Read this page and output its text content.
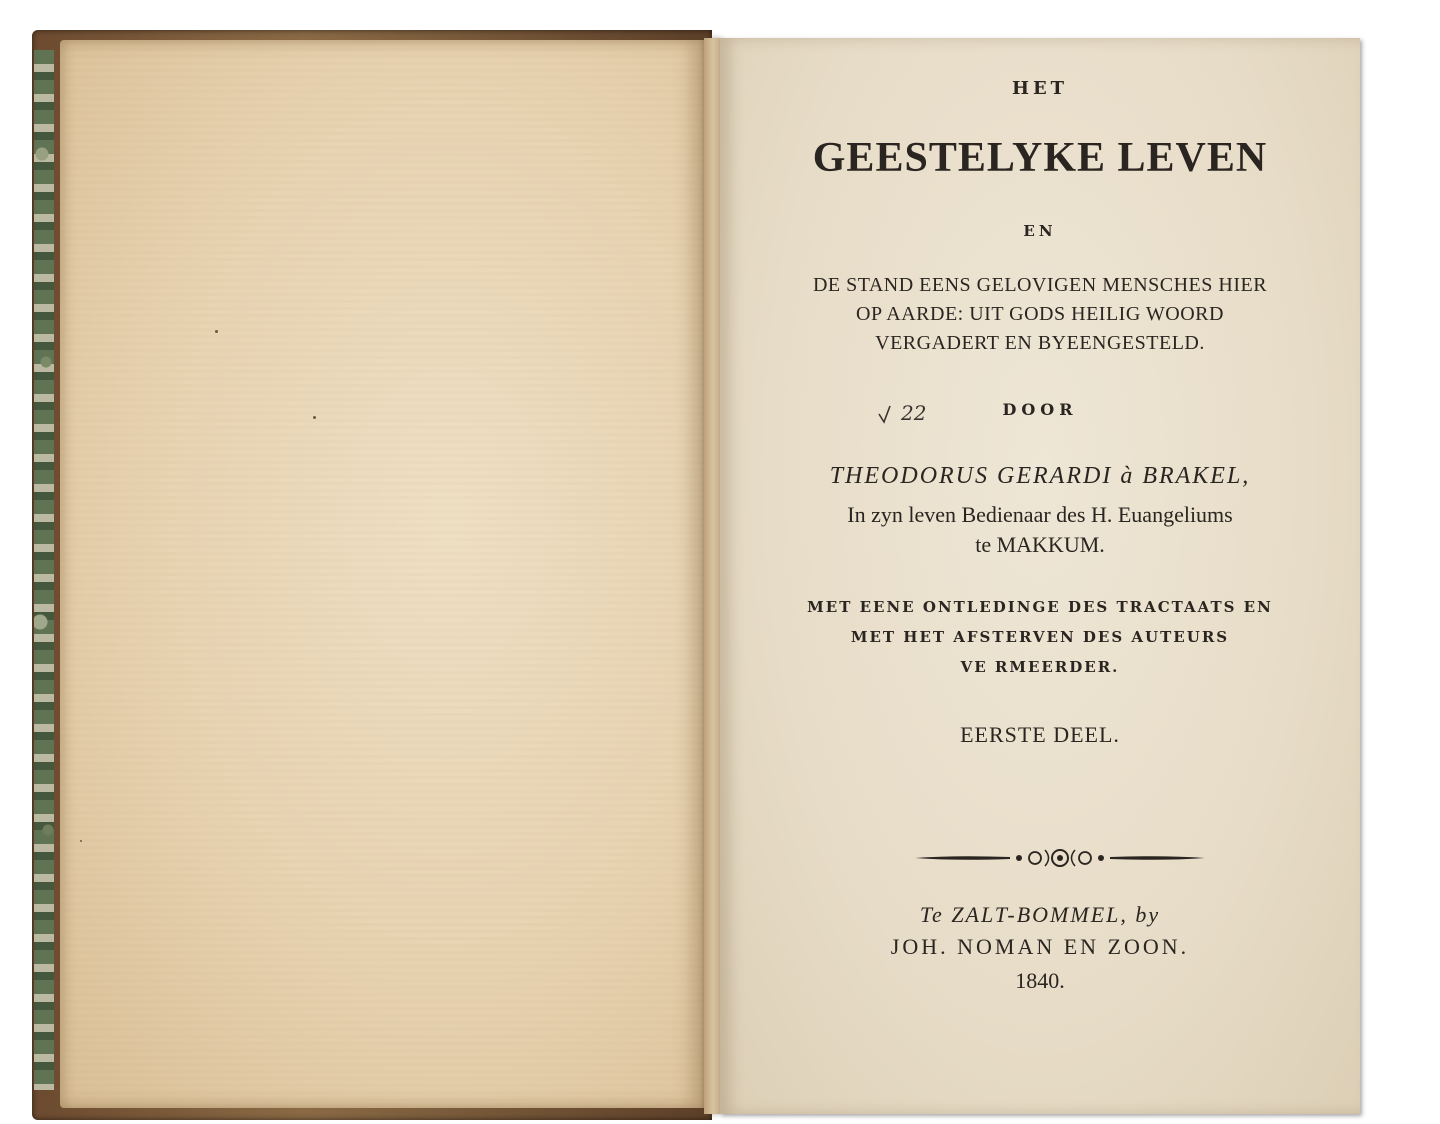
HET
GEESTELYKE LEVEN
EN
DE STAND EENS GELOVIGEN MENSCHES HIER
OP AARDE: UIT GODS HEILIG WOORD
VERGADERT EN BYEENGESTELD.
22	DOOR
THEODORUS GERARDI à BRAKEL,
In zyn leven Bedienaar des H. Euangeliums
te MAKKUM.
MET EENE ONTLEDINGE DES TRACTAATS EN
MET HET AFSTERVEN DES AUTEURS
VE RMEERDER.
EERSTE DEEL.
Te ZALT-BOMMEL, by
JOH. NOMAN EN ZOON.
1840.
